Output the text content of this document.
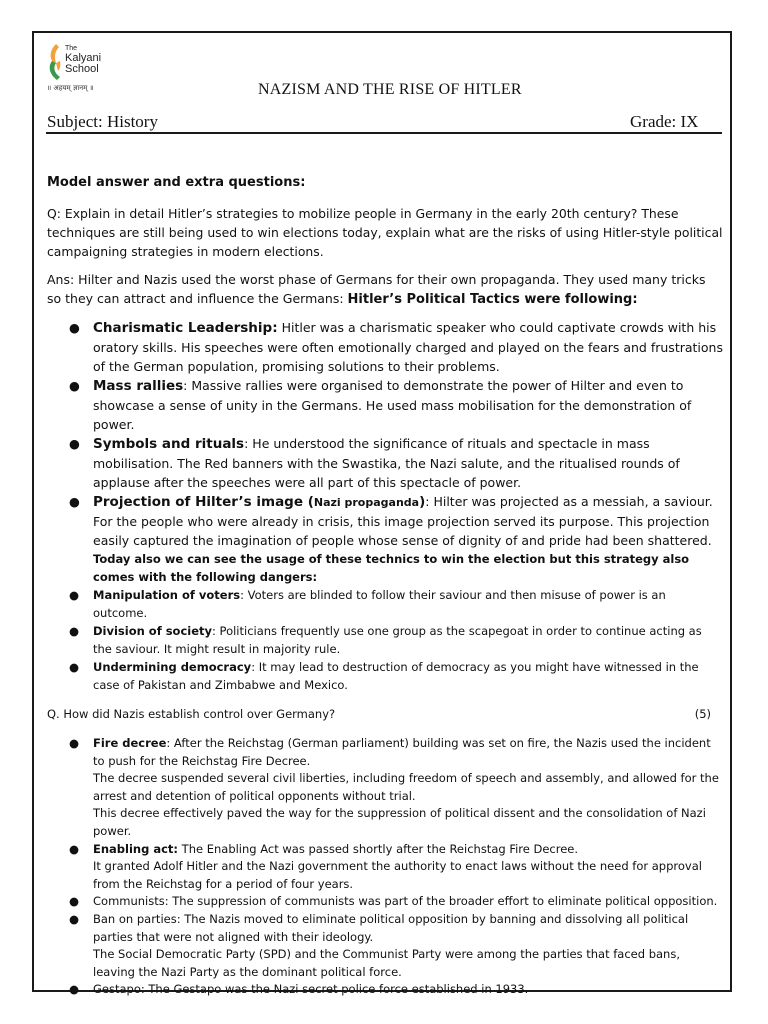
The
Kalyani
School
॥ अहयम् ज्ञानम् ॥	NAZISM AND THE RISE OF HITLER
Subject: History	Grade: IX
Model answer and extra questions:

Q: Explain in detail Hitler’s strategies to mobilize people in Germany in the early 20th century? These techniques are still being used to win elections today, explain what are the risks of using Hitler-style political campaigning strategies in modern elections.

Ans: Hilter and Nazis used the worst phase of Germans for their own propaganda. They used many tricks so they can attract and influence the Germans: Hitler’s Political Tactics were following:

● Charismatic Leadership: Hitler was a charismatic speaker who could captivate crowds with his oratory skills. His speeches were often emotionally charged and played on the fears and frustrations of the German population, promising solutions to their problems.
● Mass rallies: Massive rallies were organised to demonstrate the power of Hilter and even to showcase a sense of unity in the Germans. He used mass mobilisation for the demonstration of power.
● Symbols and rituals: He understood the significance of rituals and spectacle in mass mobilisation. The Red banners with the Swastika, the Nazi salute, and the ritualised rounds of applause after the speeches were all part of this spectacle of power.
● Projection of Hilter’s image (Nazi propaganda): Hilter was projected as a messiah, a saviour. For the people who were already in crisis, this image projection served its purpose. This projection easily captured the imagination of people whose sense of dignity of and pride had been shattered.
Today also we can see the usage of these technics to win the election but this strategy also comes with the following dangers:
● Manipulation of voters: Voters are blinded to follow their saviour and then misuse of power is an outcome.
● Division of society: Politicians frequently use one group as the scapegoat in order to continue acting as the saviour. It might result in majority rule.
● Undermining democracy: It may lead to destruction of democracy as you might have witnessed in the case of Pakistan and Zimbabwe and Mexico.
Q. How did Nazis establish control over Germany?	(5)
● Fire decree: After the Reichstag (German parliament) building was set on fire, the Nazis used the incident to push for the Reichstag Fire Decree.
The decree suspended several civil liberties, including freedom of speech and assembly, and allowed for the arrest and detention of political opponents without trial.
This decree effectively paved the way for the suppression of political dissent and the consolidation of Nazi power.
● Enabling act: The Enabling Act was passed shortly after the Reichstag Fire Decree.
It granted Adolf Hitler and the Nazi government the authority to enact laws without the need for approval from the Reichstag for a period of four years.
● Communists: The suppression of communists was part of the broader effort to eliminate political opposition.
● Ban on parties: The Nazis moved to eliminate political opposition by banning and dissolving all political parties that were not aligned with their ideology.
The Social Democratic Party (SPD) and the Communist Party were among the parties that faced bans, leaving the Nazi Party as the dominant political force.
● Gestapo: The Gestapo was the Nazi secret police force established in 1933.
